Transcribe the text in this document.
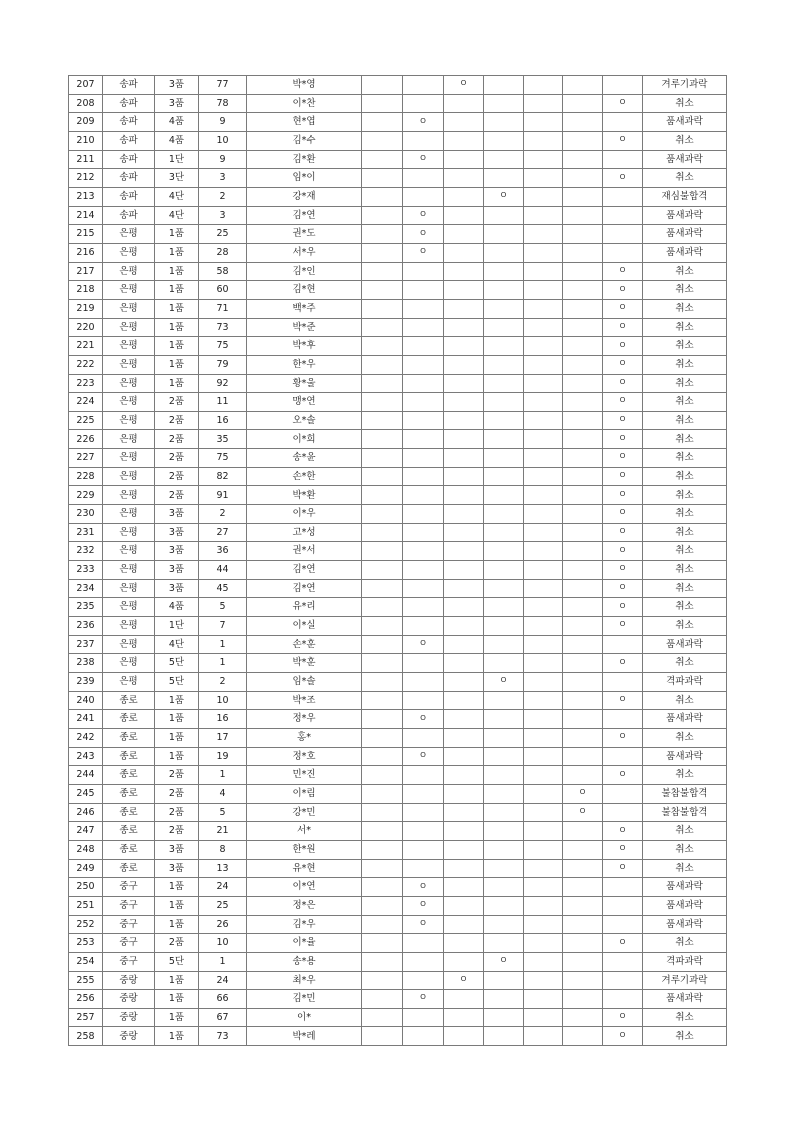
207	송파	3품	77	박*영			ㅇ					겨루기과락
208	송파	3품	78	이*찬							ㅇ	취소
209	송파	4품	9	현*엽		ㅇ						품새과락
210	송파	4품	10	김*수							ㅇ	취소
211	송파	1단	9	김*환		ㅇ						품새과락
212	송파	3단	3	임*이							ㅇ	취소
213	송파	4단	2	강*재				ㅇ				재심불합격
214	송파	4단	3	김*연		ㅇ						품새과락
215	은평	1품	25	권*도		ㅇ						품새과락
216	은평	1품	28	서*우		ㅇ						품새과락
217	은평	1품	58	김*인							ㅇ	취소
218	은평	1품	60	김*현							ㅇ	취소
219	은평	1품	71	백*주							ㅇ	취소
220	은평	1품	73	박*준							ㅇ	취소
221	은평	1품	75	박*후							ㅇ	취소
222	은평	1품	79	한*우							ㅇ	취소
223	은평	1품	92	황*울							ㅇ	취소
224	은평	2품	11	맹*연							ㅇ	취소
225	은평	2품	16	오*솔							ㅇ	취소
226	은평	2품	35	이*희							ㅇ	취소
227	은평	2품	75	송*윤							ㅇ	취소
228	은평	2품	82	손*한							ㅇ	취소
229	은평	2품	91	박*환							ㅇ	취소
230	은평	3품	2	이*우							ㅇ	취소
231	은평	3품	27	고*성							ㅇ	취소
232	은평	3품	36	권*서							ㅇ	취소
233	은평	3품	44	김*연							ㅇ	취소
234	은평	3품	45	김*연							ㅇ	취소
235	은평	4품	5	유*리							ㅇ	취소
236	은평	1단	7	이*실							ㅇ	취소
237	은평	4단	1	손*훈		ㅇ						품새과락
238	은평	5단	1	박*훈							ㅇ	취소
239	은평	5단	2	임*솔				ㅇ				격파과락
240	종로	1품	10	박*조							ㅇ	취소
241	종로	1품	16	정*우		ㅇ						품새과락
242	종로	1품	17	홍*							ㅇ	취소
243	종로	1품	19	정*호		ㅇ						품새과락
244	종로	2품	1	민*진							ㅇ	취소
245	종로	2품	4	이*림						ㅇ		불참불합격
246	종로	2품	5	강*민						ㅇ		불참불합격
247	종로	2품	21	서*							ㅇ	취소
248	종로	3품	8	한*원							ㅇ	취소
249	종로	3품	13	유*현							ㅇ	취소
250	중구	1품	24	이*연		ㅇ						품새과락
251	중구	1품	25	정*은		ㅇ						품새과락
252	중구	1품	26	김*우		ㅇ						품새과락
253	중구	2품	10	이*율							ㅇ	취소
254	중구	5단	1	송*용				ㅇ				격파과락
255	중랑	1품	24	최*우			ㅇ					겨루기과락
256	중랑	1품	66	김*민		ㅇ						품새과락
257	중랑	1품	67	이*							ㅇ	취소
258	중랑	1품	73	박*레							ㅇ	취소
